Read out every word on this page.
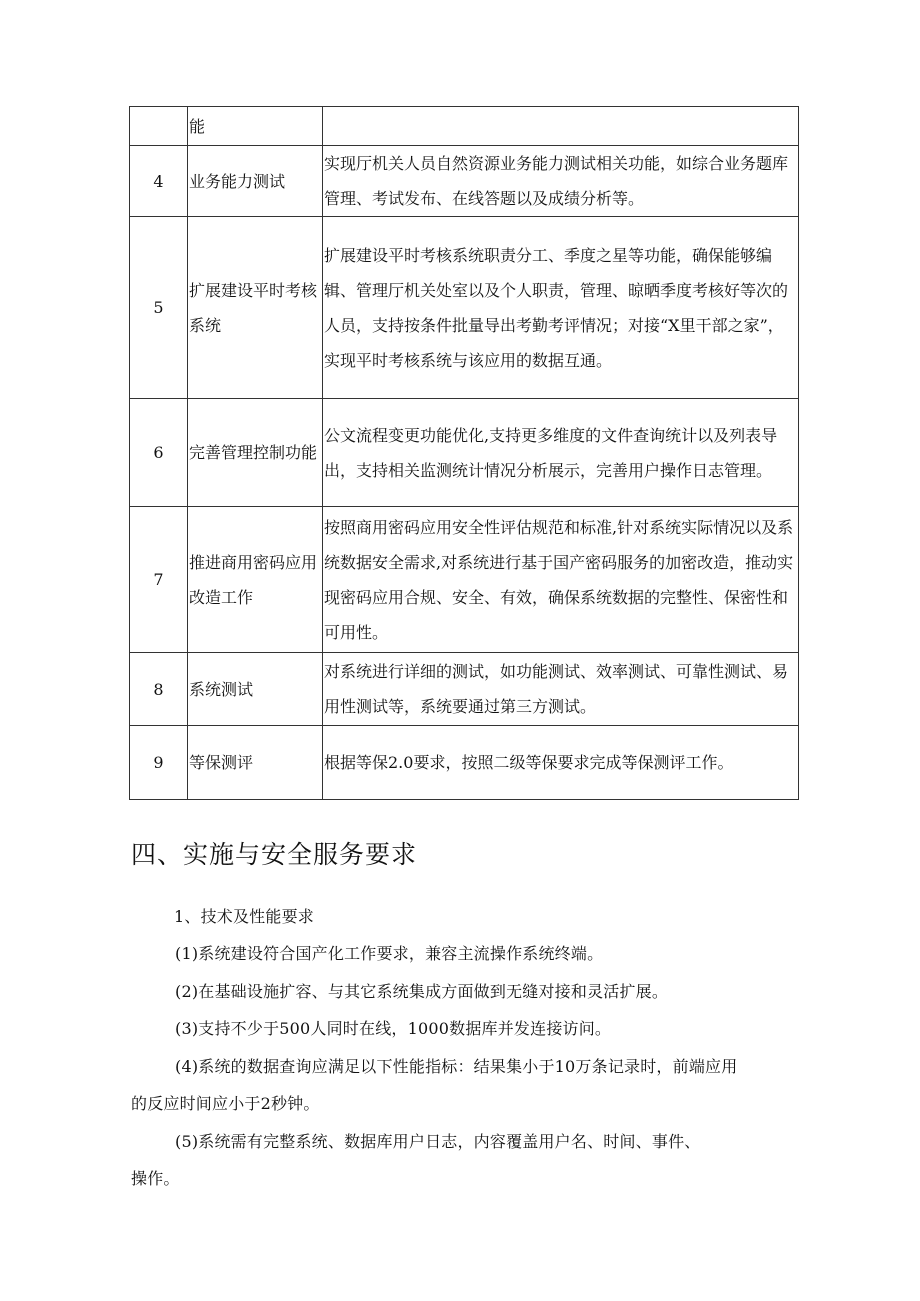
	能	
4	业务能力测试	实现厅机关人员自然资源业务能力测试相关功能，如综合业务题库管理、考试发布、在线答题以及成绩分析等。
5	扩展建设平时考核系统	扩展建设平时考核系统职责分工、季度之星等功能，确保能够编辑、管理厅机关处室以及个人职责，管理、晾晒季度考核好等次的人员，支持按条件批量导出考勤考评情况；对接“X里干部之家”，实现平时考核系统与该应用的数据互通。
6	完善管理控制功能	公文流程变更功能优化,支持更多维度的文件查询统计以及列表导出，支持相关监测统计情况分析展示，完善用户操作日志管理。
7	推进商用密码应用改造工作	按照商用密码应用安全性评估规范和标准,针对系统实际情况以及系统数据安全需求,对系统进行基于国产密码服务的加密改造，推动实现密码应用合规、安全、有效，确保系统数据的完整性、保密性和可用性。
8	系统测试	对系统进行详细的测试，如功能测试、效率测试、可靠性测试、易用性测试等，系统要通过第三方测试。
9	等保测评	根据等保2.0要求，按照二级等保要求完成等保测评工作。
四、实施与安全服务要求

1、技术及性能要求

(1)系统建设符合国产化工作要求，兼容主流操作系统终端。

(2)在基础设施扩容、与其它系统集成方面做到无缝对接和灵活扩展。

(3)支持不少于500人同时在线，1000数据库并发连接访问。

(4)系统的数据查询应满足以下性能指标：结果集小于10万条记录时，前端应用

的反应时间应小于2秒钟。

(5)系统需有完整系统、数据库用户日志，内容覆盖用户名、时间、事件、

操作。
